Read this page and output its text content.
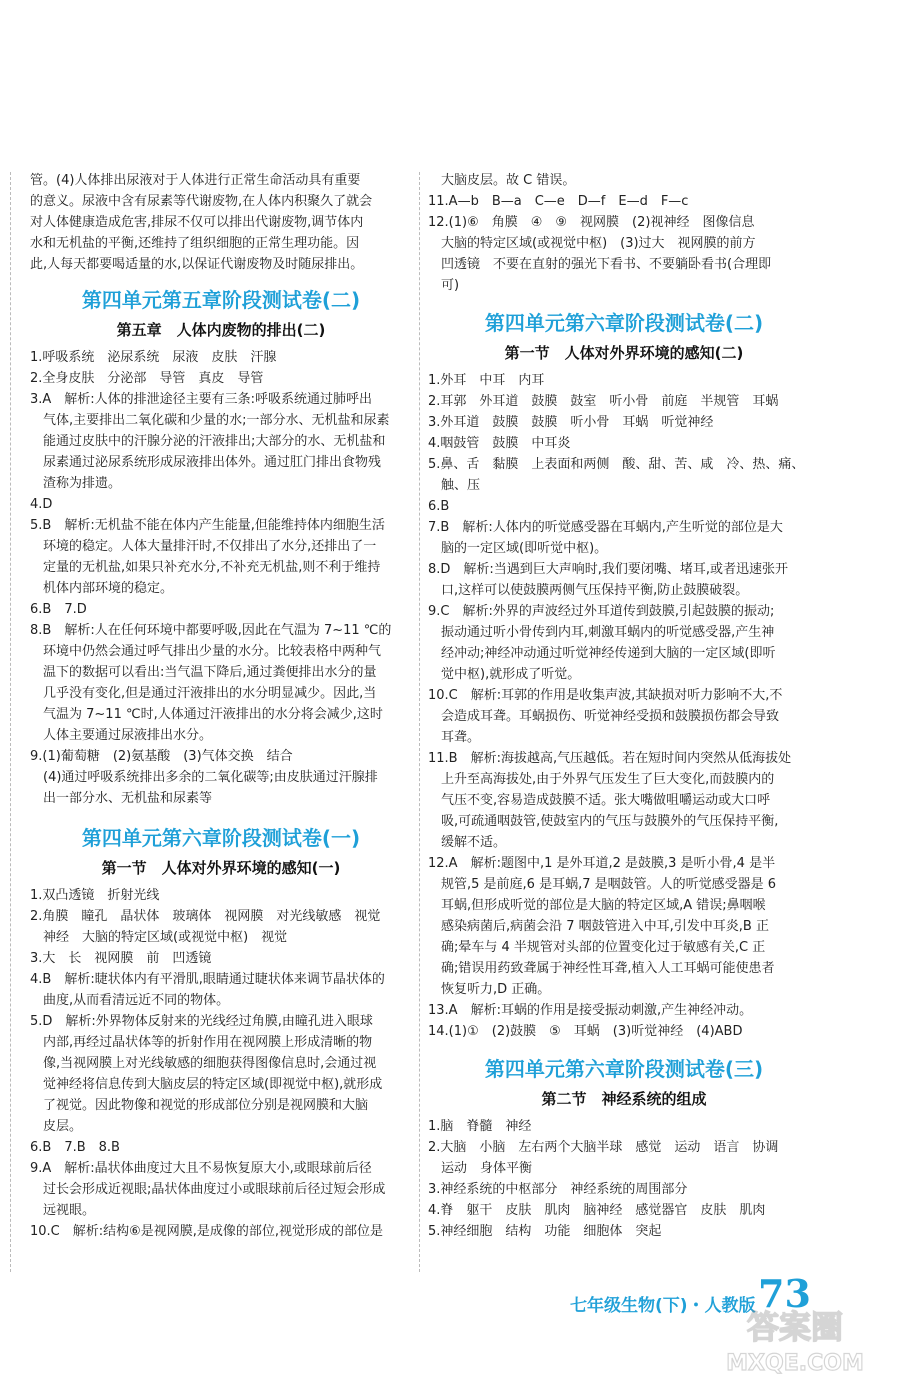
管。(4)人体排出尿液对于人体进行正常生命活动具有重要
的意义。尿液中含有尿素等代谢废物,在人体内积聚久了就会
对人体健康造成危害,排尿不仅可以排出代谢废物,调节体内
水和无机盐的平衡,还维持了组织细胞的正常生理功能。因
此,人每天都要喝适量的水,以保证代谢废物及时随尿排出。
第四单元第五章阶段测试卷(二)
第五章　人体内废物的排出(二)
1.呼吸系统　泌尿系统　尿液　皮肤　汗腺
2.全身皮肤　分泌部　导管　真皮　导管
3.A　解析:人体的排泄途径主要有三条:呼吸系统通过肺呼出
气体,主要排出二氧化碳和少量的水;一部分水、无机盐和尿素
能通过皮肤中的汗腺分泌的汗液排出;大部分的水、无机盐和
尿素通过泌尿系统形成尿液排出体外。通过肛门排出食物残
渣称为排遗。
4.D
5.B　解析:无机盐不能在体内产生能量,但能维持体内细胞生活
环境的稳定。人体大量排汗时,不仅排出了水分,还排出了一
定量的无机盐,如果只补充水分,不补充无机盐,则不利于维持
机体内部环境的稳定。
6.B　7.D
8.B　解析:人在任何环境中都要呼吸,因此在气温为 7~11 ℃的
环境中仍然会通过呼气排出少量的水分。比较表格中两种气
温下的数据可以看出:当气温下降后,通过粪便排出水分的量
几乎没有变化,但是通过汗液排出的水分明显减少。因此,当
气温为 7~11 ℃时,人体通过汗液排出的水分将会减少,这时
人体主要通过尿液排出水分。
9.(1)葡萄糖　(2)氨基酸　(3)气体交换　结合
(4)通过呼吸系统排出多余的二氧化碳等;由皮肤通过汗腺排
出一部分水、无机盐和尿素等
第四单元第六章阶段测试卷(一)
第一节　人体对外界环境的感知(一)
1.双凸透镜　折射光线
2.角膜　瞳孔　晶状体　玻璃体　视网膜　对光线敏感　视觉
神经　大脑的特定区域(或视觉中枢)　视觉
3.大　长　视网膜　前　凹透镜
4.B　解析:睫状体内有平滑肌,眼睛通过睫状体来调节晶状体的
曲度,从而看清远近不同的物体。
5.D　解析:外界物体反射来的光线经过角膜,由瞳孔进入眼球
内部,再经过晶状体等的折射作用在视网膜上形成清晰的物
像,当视网膜上对光线敏感的细胞获得图像信息时,会通过视
觉神经将信息传到大脑皮层的特定区域(即视觉中枢),就形成
了视觉。因此物像和视觉的形成部位分别是视网膜和大脑
皮层。
6.B　7.B　8.B
9.A　解析:晶状体曲度过大且不易恢复原大小,或眼球前后径
过长会形成近视眼;晶状体曲度过小或眼球前后径过短会形成
远视眼。
10.C　解析:结构⑥是视网膜,是成像的部位,视觉形成的部位是
大脑皮层。故 C 错误。
11.A—b　B—a　C—e　D—f　E—d　F—c
12.(1)⑥　角膜　④　⑨　视网膜　(2)视神经　图像信息
大脑的特定区域(或视觉中枢)　(3)过大　视网膜的前方
凹透镜　不要在直射的强光下看书、不要躺卧看书(合理即
可)
第四单元第六章阶段测试卷(二)
第一节　人体对外界环境的感知(二)
1.外耳　中耳　内耳
2.耳郭　外耳道　鼓膜　鼓室　听小骨　前庭　半规管　耳蜗
3.外耳道　鼓膜　鼓膜　听小骨　耳蜗　听觉神经
4.咽鼓管　鼓膜　中耳炎
5.鼻、舌　黏膜　上表面和两侧　酸、甜、苦、咸　冷、热、痛、
触、压
6.B
7.B　解析:人体内的听觉感受器在耳蜗内,产生听觉的部位是大
脑的一定区域(即听觉中枢)。
8.D　解析:当遇到巨大声响时,我们要闭嘴、堵耳,或者迅速张开
口,这样可以使鼓膜两侧气压保持平衡,防止鼓膜破裂。
9.C　解析:外界的声波经过外耳道传到鼓膜,引起鼓膜的振动;
振动通过听小骨传到内耳,刺激耳蜗内的听觉感受器,产生神
经冲动;神经冲动通过听觉神经传递到大脑的一定区域(即听
觉中枢),就形成了听觉。
10.C　解析:耳郭的作用是收集声波,其缺损对听力影响不大,不
会造成耳聋。耳蜗损伤、听觉神经受损和鼓膜损伤都会导致
耳聋。
11.B　解析:海拔越高,气压越低。若在短时间内突然从低海拔处
上升至高海拔处,由于外界气压发生了巨大变化,而鼓膜内的
气压不变,容易造成鼓膜不适。张大嘴做咀嚼运动或大口呼
吸,可疏通咽鼓管,使鼓室内的气压与鼓膜外的气压保持平衡,
缓解不适。
12.A　解析:题图中,1 是外耳道,2 是鼓膜,3 是听小骨,4 是半
规管,5 是前庭,6 是耳蜗,7 是咽鼓管。人的听觉感受器是 6
耳蜗,但形成听觉的部位是大脑的特定区域,A 错误;鼻咽喉
感染病菌后,病菌会沿 7 咽鼓管进入中耳,引发中耳炎,B 正
确;晕车与 4 半规管对头部的位置变化过于敏感有关,C 正
确;错误用药致聋属于神经性耳聋,植入人工耳蜗可能使患者
恢复听力,D 正确。
13.A　解析:耳蜗的作用是接受振动刺激,产生神经冲动。
14.(1)①　(2)鼓膜　⑤　耳蜗　(3)听觉神经　(4)ABD
第四单元第六章阶段测试卷(三)
第二节　神经系统的组成
1.脑　脊髓　神经
2.大脑　小脑　左右两个大脑半球　感觉　运动　语言　协调
运动　身体平衡
3.神经系统的中枢部分　神经系统的周围部分
4.脊　躯干　皮肤　肌肉　脑神经　感觉器官　皮肤　肌肉
5.神经细胞　结构　功能　细胞体　突起
七年级生物(下)・人教版 73
答案圈
MXQE.COM
